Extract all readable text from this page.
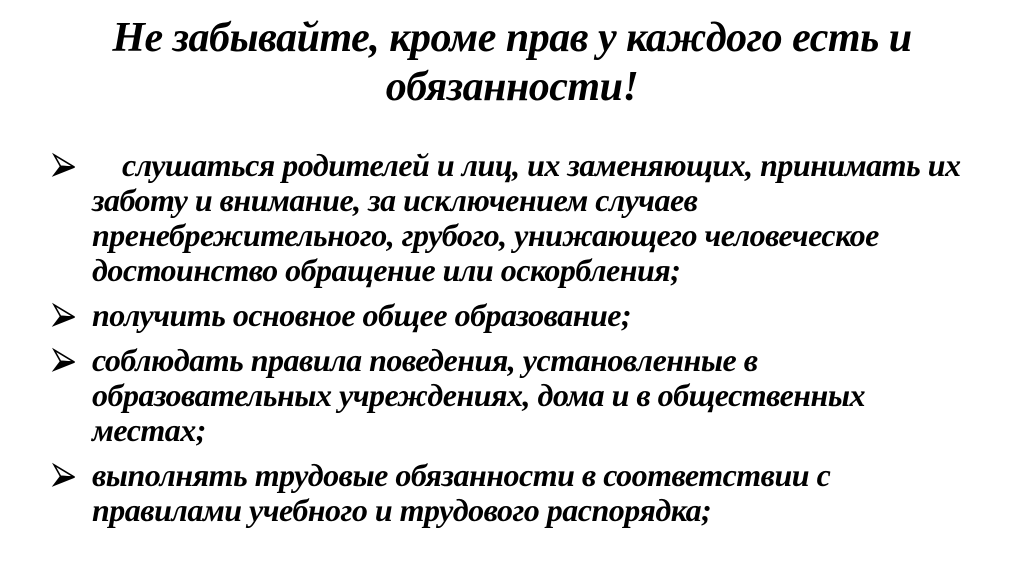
Не забывайте, кроме прав у каждого есть и обязанности!
слушаться родителей и лиц, их заменяющих, принимать их
заботу и внимание, за исключением случаев
пренебрежительного, грубого, унижающего человеческое
достоинство обращение или оскорбления;
получить основное общее образование;
соблюдать правила поведения, установленные в
образовательных учреждениях, дома и в общественных
местах;
выполнять трудовые обязанности в соответствии с
правилами учебного и трудового распорядка;
